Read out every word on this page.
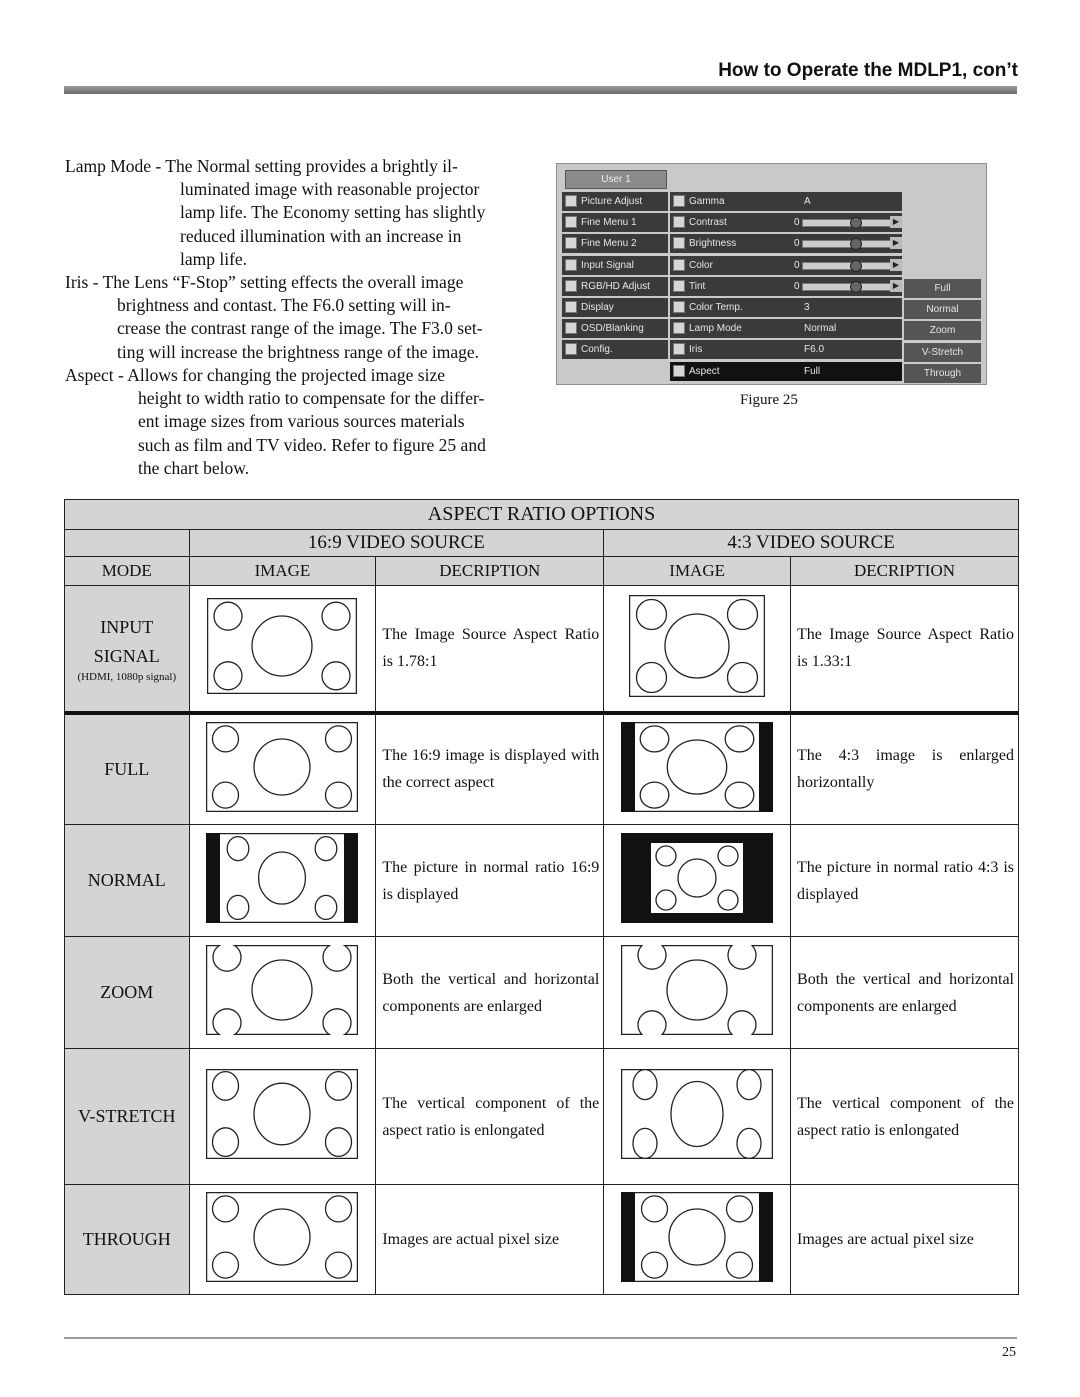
How to Operate the MDLP1, con’t
Lamp Mode - The Normal setting provides a brightly il-
luminated image with reasonable projector
lamp life. The Economy setting has slightly
reduced illumination with an increase in
lamp life.
Iris - The Lens “F-Stop” setting effects the overall image
brightness and contast. The F6.0 setting will in-
crease the contrast range of the image. The F3.0 set-
ting will increase the brightness range of the image.
Aspect - Allows for changing the projected image size
height to width ratio to compensate for the differ-
ent image sizes from various sources materials
such as film and TV video. Refer to figure 25 and
the chart below.
User 1
Picture Adjust
Fine Menu 1
Fine Menu 2
Input Signal
RGB/HD Adjust
Display
OSD/Blanking
Config.
Gamma	A
Contrast	0	▶
Brightness	0	▶
Color	0	▶
Tint	0	▶
Color Temp.	3
Lamp Mode	Normal
Iris	F6.0
Aspect	Full
Full
Normal
Zoom
V-Stretch
Through
Figure 25
ASPECT RATIO OPTIONS				
	16:9 VIDEO SOURCE		4:3 VIDEO SOURCE	
MODE	IMAGE	DECRIPTION	IMAGE	DECRIPTION

INPUT SIGNAL
(HDMI, 1080p signal)		The Image Source Aspect Ratio is 1.78:1		The Image Source Aspect Ratio is 1.33:1

FULL		The 16:9 image is displayed with the correct aspect		The 4:3 image is enlarged horizontally

NORMAL		The picture in normal ratio 16:9 is displayed		The picture in normal ratio 4:3 is displayed

ZOOM		Both the vertical and horizontal components are enlarged		Both the vertical and horizontal components are enlarged

V-STRETCH		The vertical component of the aspect ratio is enlongated		The vertical component of the aspect ratio is enlongated

THROUGH		Images are actual pixel size		Images are actual pixel size
25
